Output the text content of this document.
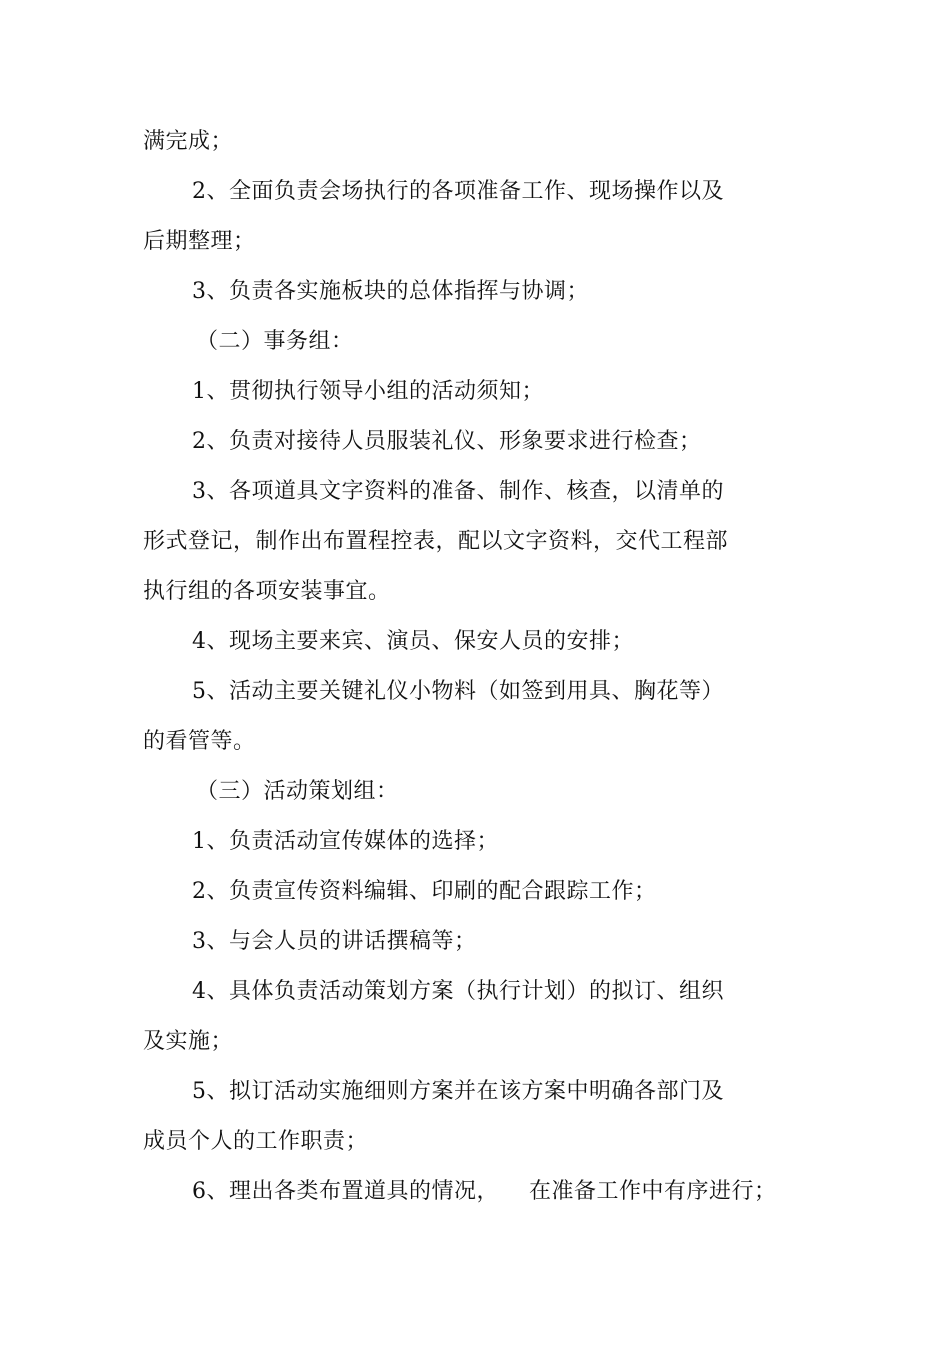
满完成；
2、全面负责会场执行的各项准备工作、现场操作以及
后期整理；
3、负责各实施板块的总体指挥与协调；
（二）事务组：
1、贯彻执行领导小组的活动须知；
2、负责对接待人员服装礼仪、形象要求进行检查；
3、各项道具文字资料的准备、制作、核查，以清单的
形式登记，制作出布置程控表，配以文字资料，交代工程部
执行组的各项安装事宜。
4、现场主要来宾、演员、保安人员的安排；
5、活动主要关键礼仪小物料（如签到用具、胸花等）
的看管等。
（三）活动策划组：
1、负责活动宣传媒体的选择；
2、负责宣传资料编辑、印刷的配合跟踪工作；
3、与会人员的讲话撰稿等；
4、具体负责活动策划方案（执行计划）的拟订、组织
及实施；
5、拟订活动实施细则方案并在该方案中明确各部门及
成员个人的工作职责；
6、理出各类布置道具的情况， 在准备工作中有序进行；
